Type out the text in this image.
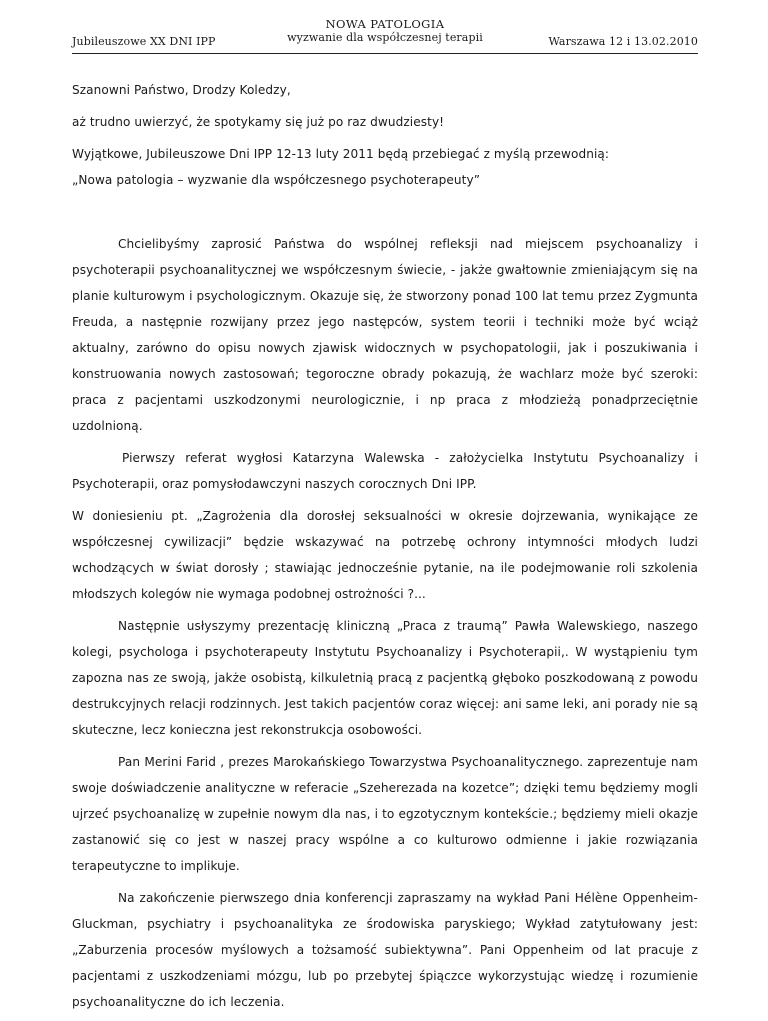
Jubileuszowe XX DNI IPP
NOWA PATOLOGIA
wyzwanie dla współczesnej terapii	Warszawa 12 i 13.02.2010

Szanowni Państwo, Drodzy Koledzy,

aż trudno uwierzyć, że spotykamy się już po raz dwudziesty!

Wyjątkowe, Jubileuszowe Dni IPP 12-13 luty 2011 będą przebiegać z myślą przewodnią:

„Nowa patologia – wyzwanie dla współczesnego psychoterapeuty”

Chcielibyśmy zaprosić Państwa do wspólnej refleksji nad miejscem psychoanalizy i psychoterapii psychoanalitycznej we współczesnym świecie, - jakże gwałtownie zmieniającym się na planie kulturowym i psychologicznym. Okazuje się, że stworzony ponad 100 lat temu przez Zygmunta Freuda, a następnie rozwijany przez jego następców, system teorii i techniki może być wciąż aktualny, zarówno do opisu nowych zjawisk widocznych w psychopatologii, jak i poszukiwania i konstruowania nowych zastosowań; tegoroczne obrady pokazują, że wachlarz może być szeroki: praca z pacjentami uszkodzonymi neurologicznie, i np praca z młodzieżą ponadprzeciętnie uzdolnioną.

Pierwszy referat wygłosi Katarzyna Walewska - założycielka Instytutu Psychoanalizy i Psychoterapii, oraz pomysłodawczyni naszych corocznych Dni IPP.

W doniesieniu pt. „Zagrożenia dla dorosłej seksualności w okresie dojrzewania, wynikające ze współczesnej cywilizacji” będzie wskazywać na potrzebę ochrony intymności młodych ludzi wchodzących w świat dorosły ; stawiając jednocześnie pytanie, na ile podejmowanie roli szkolenia młodszych kolegów nie wymaga podobnej ostrożności ?...

Następnie usłyszymy prezentację kliniczną „Praca z traumą” Pawła Walewskiego, naszego kolegi, psychologa i psychoterapeuty Instytutu Psychoanalizy i Psychoterapii,. W wystąpieniu tym zapozna nas ze swoją, jakże osobistą, kilkuletnią pracą z pacjentką głęboko poszkodowaną z powodu destrukcyjnych relacji rodzinnych. Jest takich pacjentów coraz więcej: ani same leki, ani porady nie są skuteczne, lecz konieczna jest rekonstrukcja osobowości.

Pan Merini Farid , prezes Marokańskiego Towarzystwa Psychoanalitycznego. zaprezentuje nam swoje doświadczenie analityczne w referacie „Szeherezada na kozetce”; dzięki temu będziemy mogli ujrzeć psychoanalizę w zupełnie nowym dla nas, i to egzotycznym kontekście.; będziemy mieli okazje zastanowić się co jest w naszej pracy wspólne a co kulturowo odmienne i jakie rozwiązania terapeutyczne to implikuje.

Na zakończenie pierwszego dnia konferencji zapraszamy na wykład Pani Hélène Oppenheim-Gluckman, psychiatry i psychoanalityka ze środowiska paryskiego; Wykład zatytułowany jest: „Zaburzenia procesów myślowych a tożsamość subiektywna”. Pani Oppenheim od lat pracuje z pacjentami z uszkodzeniami mózgu, lub po przebytej śpiączce wykorzystując wiedzę i rozumienie psychoanalityczne do ich leczenia.
